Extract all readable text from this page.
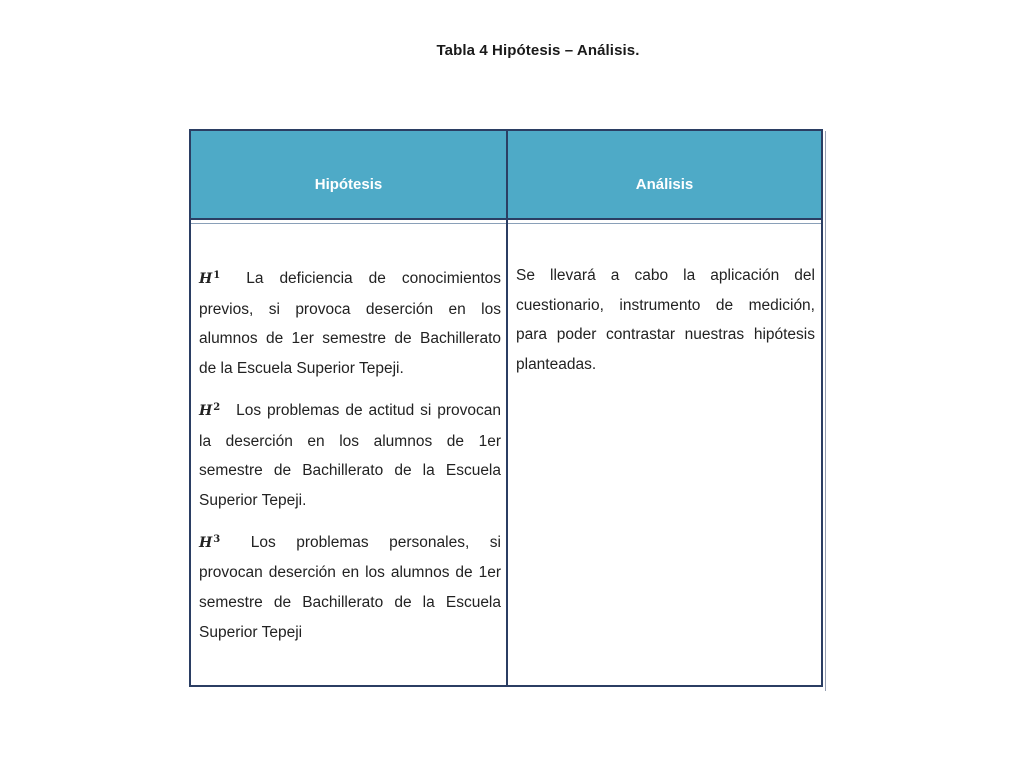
Tabla 4 Hipótesis – Análisis.
Hipótesis	Análisis

$H^1$ La deficiencia de conocimientos previos, si provoca deserción en los alumnos de 1er semestre de Bachillerato de la Escuela Superior Tepeji.

$H^2$ Los problemas de actitud si provocan la deserción en los alumnos de 1er semestre de Bachillerato de la Escuela Superior Tepeji.

$H^3$ Los problemas personales, si provocan deserción en los alumnos de 1er semestre de Bachillerato de la Escuela Superior Tepeji

Se llevará a cabo la aplicación del cuestionario, instrumento de medición, para poder contrastar nuestras hipótesis planteadas.
